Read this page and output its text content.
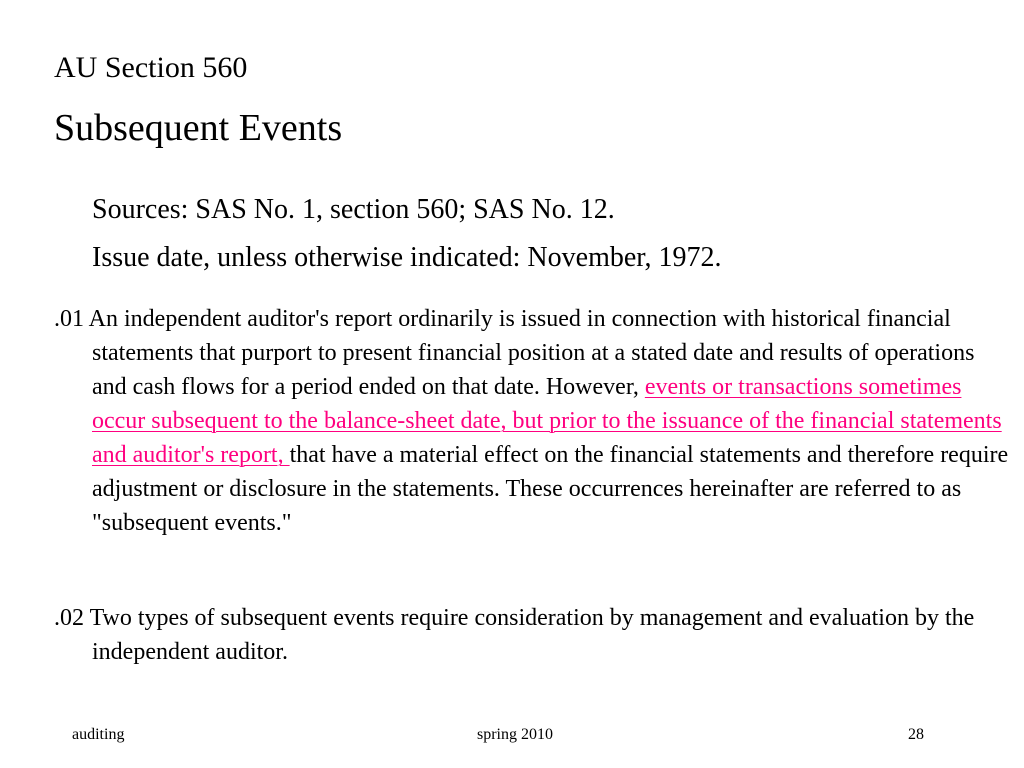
AU Section 560
Subsequent Events
Sources: SAS No. 1, section 560; SAS No. 12.
Issue date, unless otherwise indicated: November, 1972.
.01 An independent auditor's report ordinarily is issued in connection with historical financial statements that purport to present financial position at a stated date and results of operations and cash flows for a period ended on that date. However, events or transactions sometimes occur subsequent to the balance-sheet date, but prior to the issuance of the financial statements and auditor's report, that have a material effect on the financial statements and therefore require adjustment or disclosure in the statements. These occurrences hereinafter are referred to as "subsequent events."
.02 Two types of subsequent events require consideration by management and evaluation by the independent auditor.
auditing	spring 2010	28
